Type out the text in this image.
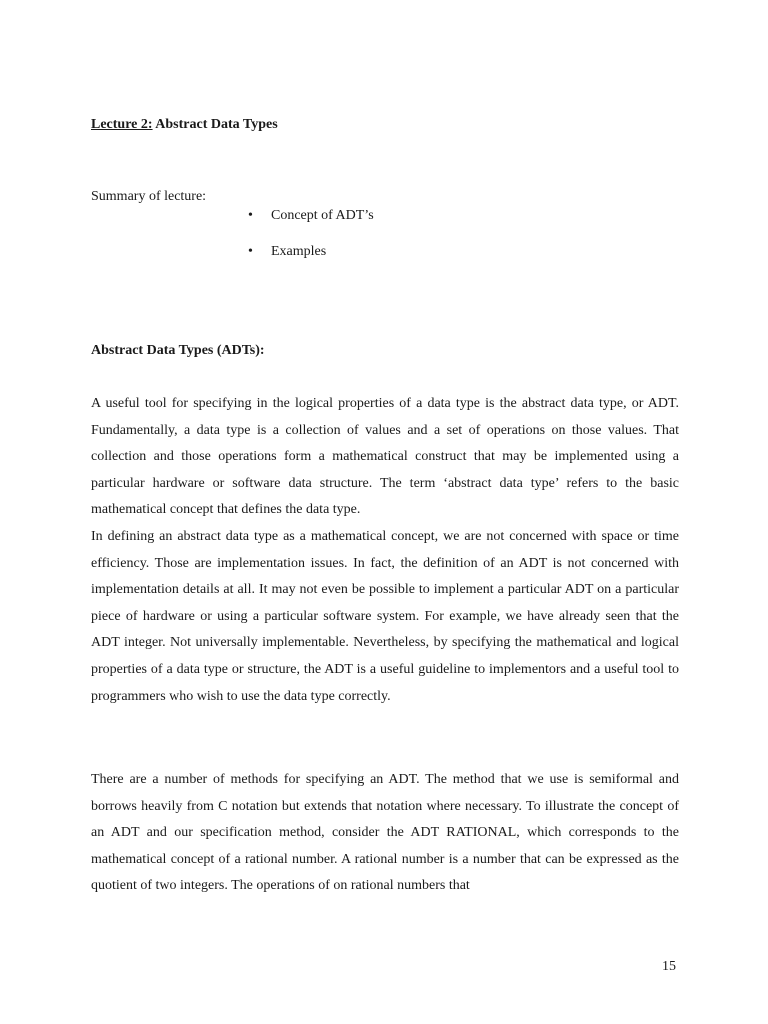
Lecture 2: Abstract Data Types
Summary of lecture:
• Concept of ADT’s
• Examples
Abstract Data Types (ADTs):

A useful tool for specifying in the logical properties of a data type is the abstract data type, or ADT. Fundamentally, a data type is a collection of values and a set of operations on those values. That collection and those operations form a mathematical construct that may be implemented using a particular hardware or software data structure. The term ‘abstract data type’ refers to the basic mathematical concept that defines the data type.
In defining an abstract data type as a mathematical concept, we are not concerned with space or time efficiency. Those are implementation issues. In fact, the definition of an ADT is not concerned with implementation details at all. It may not even be possible to implement a particular ADT on a particular piece of hardware or using a particular software system. For example, we have already seen that the ADT integer. Not universally implementable. Nevertheless, by specifying the mathematical and logical properties of a data type or structure, the ADT is a useful guideline to implementors and a useful tool to programmers who wish to use the data type correctly.

There are a number of methods for specifying an ADT. The method that we use is semiformal and borrows heavily from C notation but extends that notation where necessary. To illustrate the concept of an ADT and our specification method, consider the ADT RATIONAL, which corresponds to the mathematical concept of a rational number. A rational number is a number that can be expressed as the quotient of two integers. The operations of on rational numbers that

15
